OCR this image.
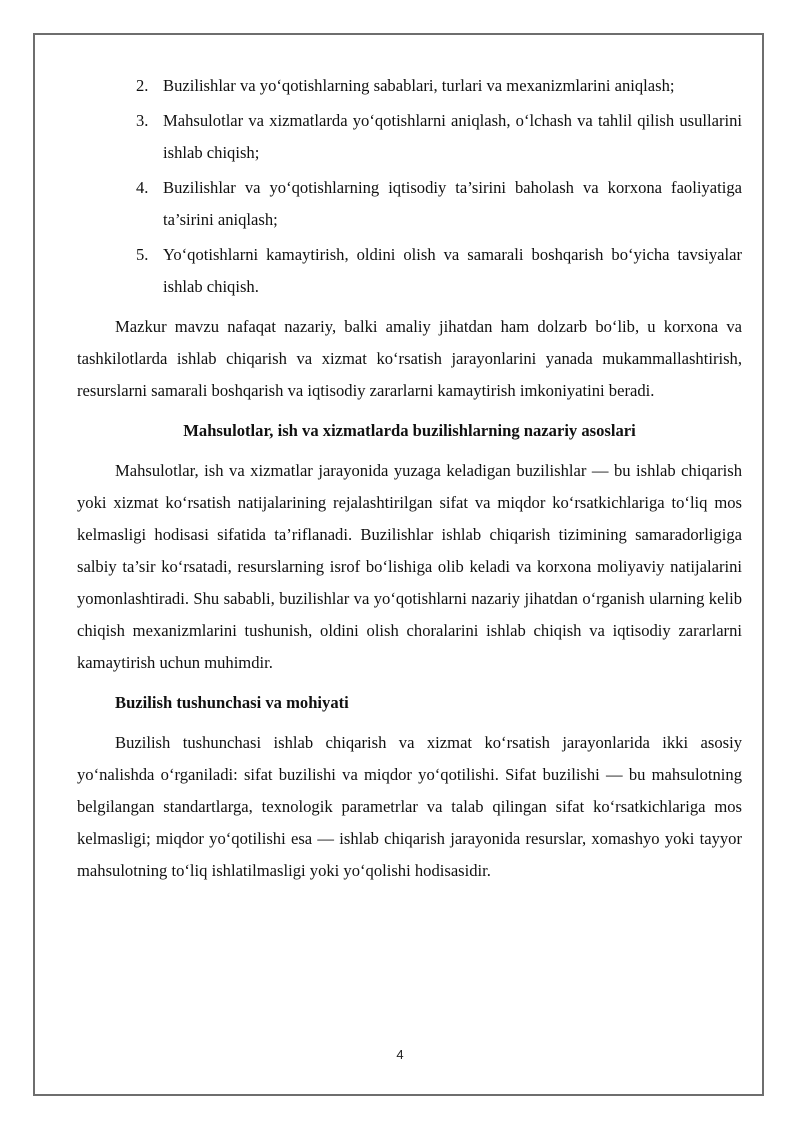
2. Buzilishlar va yo‘qotishlarning sabablari, turlari va mexanizmlarini aniqlash;
3. Mahsulotlar va xizmatlarda yo‘qotishlarni aniqlash, o‘lchash va tahlil qilish usullarini ishlab chiqish;
4. Buzilishlar va yo‘qotishlarning iqtisodiy ta’sirini baholash va korxona faoliyatiga ta’sirini aniqlash;
5. Yo‘qotishlarni kamaytirish, oldini olish va samarali boshqarish bo‘yicha tavsiyalar ishlab chiqish.

Mazkur mavzu nafaqat nazariy, balki amaliy jihatdan ham dolzarb bo‘lib, u korxona va tashkilotlarda ishlab chiqarish va xizmat ko‘rsatish jarayonlarini yanada mukammallashtirish, resurslarni samarali boshqarish va iqtisodiy zararlarni kamaytirish imkoniyatini beradi.

Mahsulotlar, ish va xizmatlarda buzilishlarning nazariy asoslari

Mahsulotlar, ish va xizmatlar jarayonida yuzaga keladigan buzilishlar — bu ishlab chiqarish yoki xizmat ko‘rsatish natijalarining rejalashtirilgan sifat va miqdor ko‘rsatkichlariga to‘liq mos kelmasligi hodisasi sifatida ta’riflanadi. Buzilishlar ishlab chiqarish tizimining samaradorligiga salbiy ta’sir ko‘rsatadi, resurslarning isrof bo‘lishiga olib keladi va korxona moliyaviy natijalarini yomonlashtiradi. Shu sababli, buzilishlar va yo‘qotishlarni nazariy jihatdan o‘rganish ularning kelib chiqish mexanizmlarini tushunish, oldini olish choralarini ishlab chiqish va iqtisodiy zararlarni kamaytirish uchun muhimdir.

Buzilish tushunchasi va mohiyati

Buzilish tushunchasi ishlab chiqarish va xizmat ko‘rsatish jarayonlarida ikki asosiy yo‘nalishda o‘rganiladi: sifat buzilishi va miqdor yo‘qotilishi. Sifat buzilishi — bu mahsulotning belgilangan standartlarga, texnologik parametrlar va talab qilingan sifat ko‘rsatkichlariga mos kelmasligi; miqdor yo‘qotilishi esa — ishlab chiqarish jarayonida resurslar, xomashyo yoki tayyor mahsulotning to‘liq ishlatilmasligi yoki yo‘qolishi hodisasidir.

4
